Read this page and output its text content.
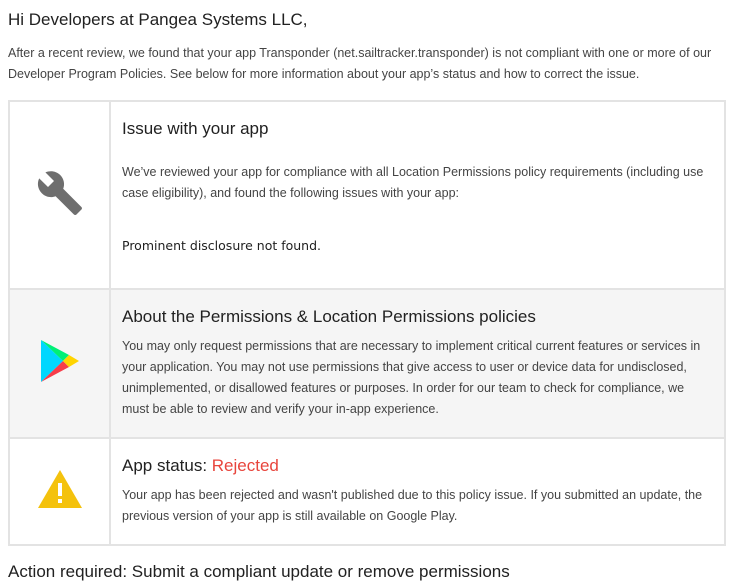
Hi Developers at Pangea Systems LLC,
After a recent review, we found that your app Transponder (net.sailtracker.transponder) is not compliant with one or more of our Developer Program Policies. See below for more information about your app’s status and how to correct the issue.

Issue with your app
We’ve reviewed your app for compliance with all Location Permissions policy requirements (including use case eligibility), and found the following issues with your app:
Prominent disclosure not found.

About the Permissions & Location Permissions policies
You may only request permissions that are necessary to implement critical current features or services in your application. You may not use permissions that give access to user or device data for undisclosed, unimplemented, or disallowed features or purposes. In order for our team to check for compliance, we must be able to review and verify your in-app experience.

App status: Rejected
Your app has been rejected and wasn't published due to this policy issue. If you submitted an update, the previous version of your app is still available on Google Play.
Action required: Submit a compliant update or remove permissions
